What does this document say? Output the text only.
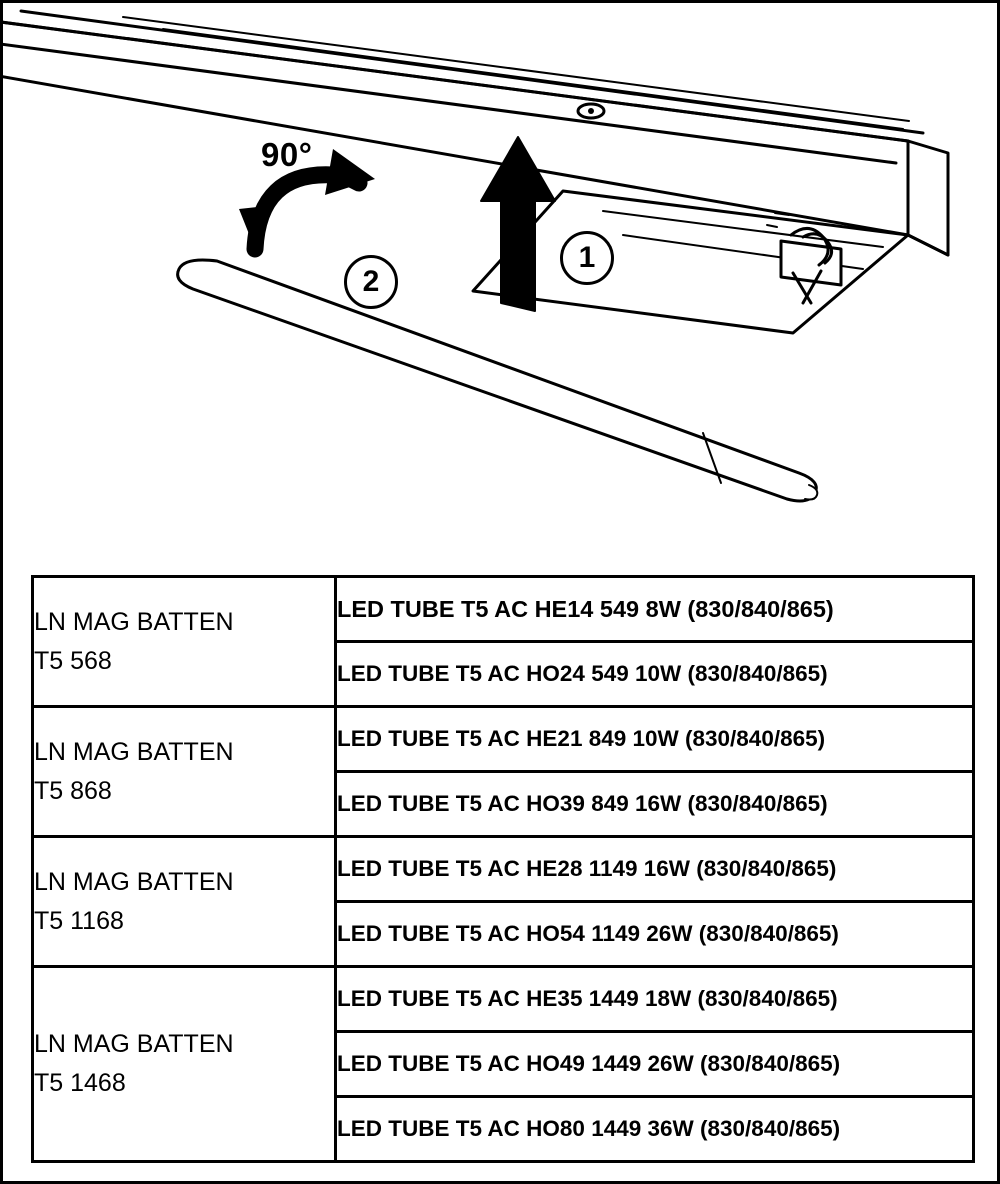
90°
1
2
LN MAG BATTEN
T5 568	LED TUBE T5 AC HE14 549 8W (830/840/865)
	LED TUBE T5 AC HO24 549 10W (830/840/865)

LN MAG BATTEN
T5 868	LED TUBE T5 AC HE21 849 10W (830/840/865)
	LED TUBE T5 AC HO39 849 16W (830/840/865)

LN MAG BATTEN
T5 1168	LED TUBE T5 AC HE28 1149 16W (830/840/865)
	LED TUBE T5 AC HO54 1149 26W (830/840/865)

LN MAG BATTEN
T5 1468	LED TUBE T5 AC HE35 1449 18W (830/840/865)
	LED TUBE T5 AC HO49 1449 26W (830/840/865)
	LED TUBE T5 AC HO80 1449 36W (830/840/865)
